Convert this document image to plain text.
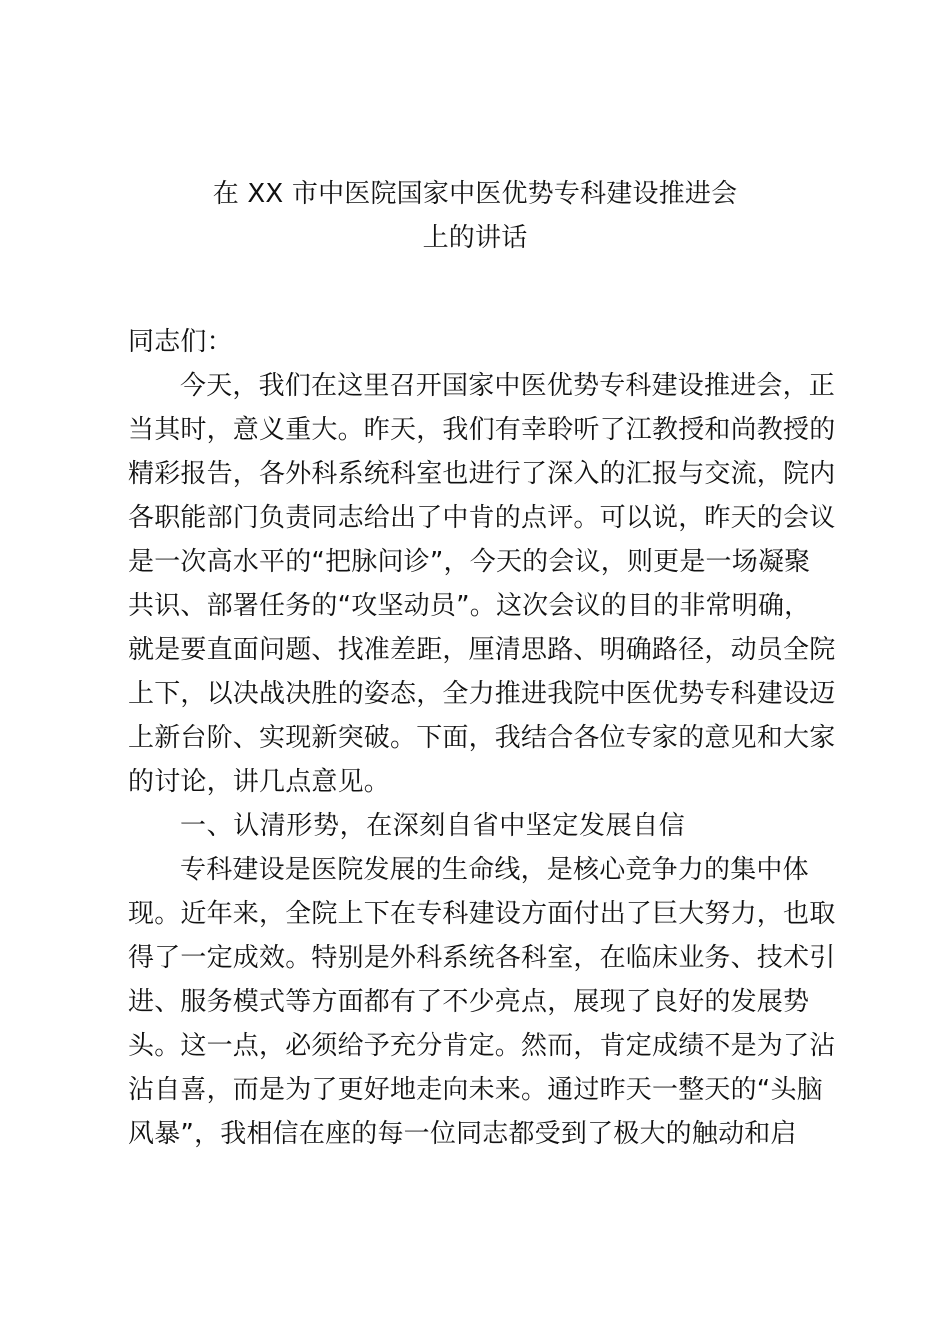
在 XX 市中医院国家中医优势专科建设推进会
上的讲话
同志们：
今天，我们在这里召开国家中医优势专科建设推进会，正
当其时，意义重大。昨天，我们有幸聆听了江教授和尚教授的
精彩报告，各外科系统科室也进行了深入的汇报与交流，院内
各职能部门负责同志给出了中肯的点评。可以说，昨天的会议
是一次高水平的“把脉问诊”，今天的会议，则更是一场凝聚
共识、部署任务的“攻坚动员”。这次会议的目的非常明确，
就是要直面问题、找准差距，厘清思路、明确路径，动员全院
上下，以决战决胜的姿态，全力推进我院中医优势专科建设迈
上新台阶、实现新突破。下面，我结合各位专家的意见和大家
的讨论，讲几点意见。
一、认清形势，在深刻自省中坚定发展自信
专科建设是医院发展的生命线，是核心竞争力的集中体
现。近年来，全院上下在专科建设方面付出了巨大努力，也取
得了一定成效。特别是外科系统各科室，在临床业务、技术引
进、服务模式等方面都有了不少亮点，展现了良好的发展势
头。这一点，必须给予充分肯定。然而，肯定成绩不是为了沾
沾自喜，而是为了更好地走向未来。通过昨天一整天的“头脑
风暴”，我相信在座的每一位同志都受到了极大的触动和启
